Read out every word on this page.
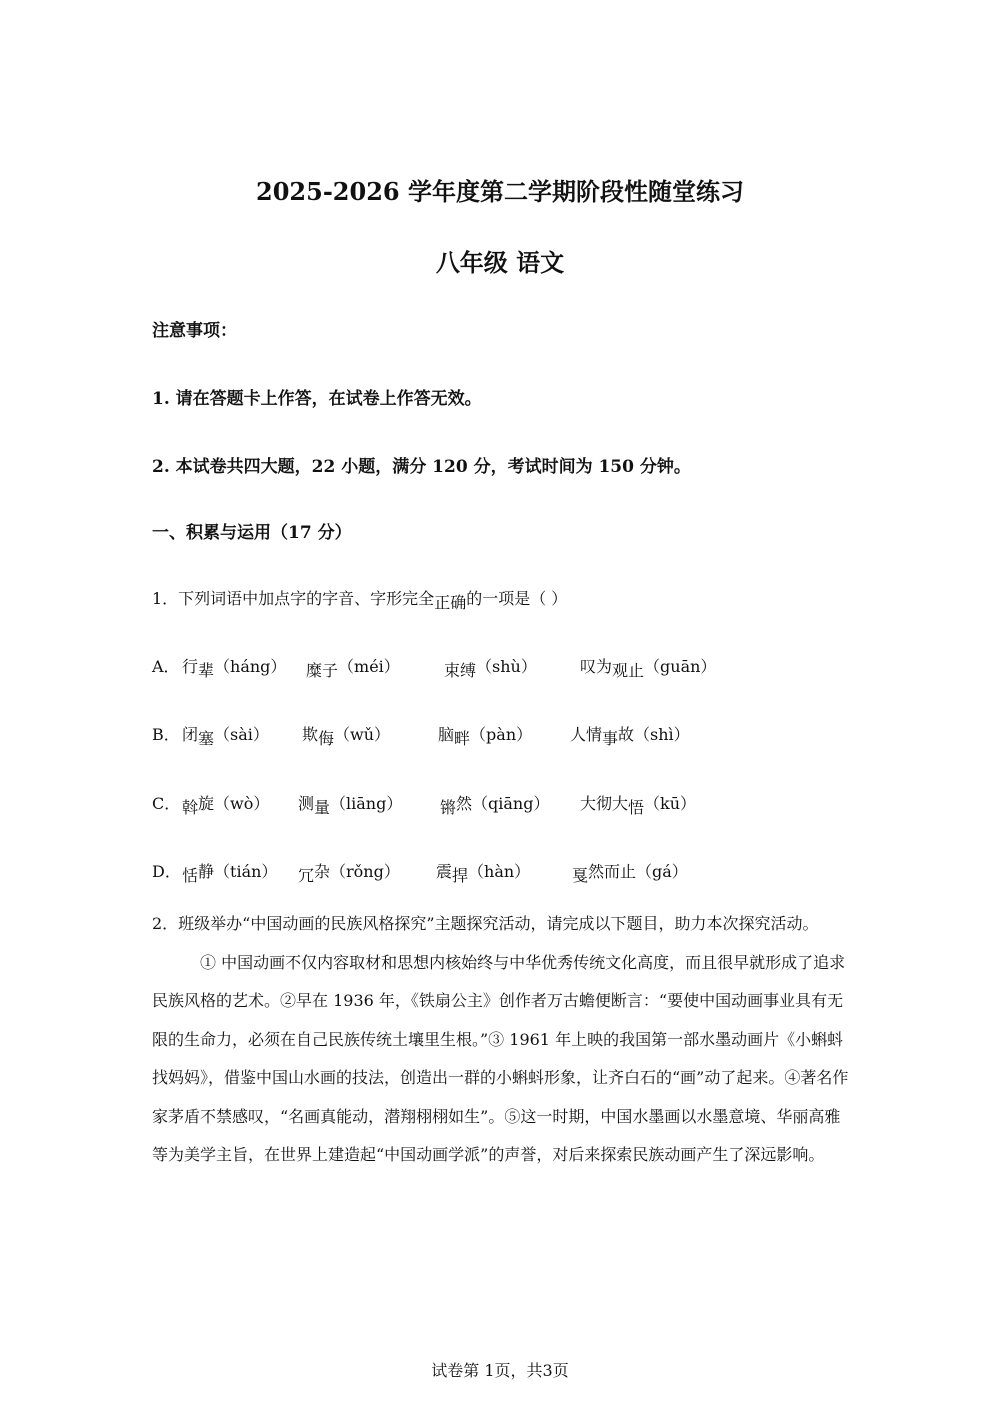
2025-2026 学年度第二学期阶段性随堂练习
八年级 语文
注意事项：
1. 请在答题卡上作答，在试卷上作答无效。
2. 本试卷共四大题，22 小题，满分 120 分，考试时间为 150 分钟。
一、积累与运用（17 分）
1．下列词语中加点字的字音、字形完全正确的一项是（ ）
A． 行辈（háng） 糜子（méi）	束缚（shù）	叹为观止（guān）
B． 闭塞（sài） 欺侮（wǔ）	脑畔（pàn） 人情事故（shì）
C． 斡旋（wò） 测量（liāng） 锵然（qiāng） 大彻大悟（kū）
D． 恬静（tián） 冗杂（rǒng） 震捍（hàn）	戛然而止（gá）

2．班级举办“中国动画的民族风格探究”主题探究活动，请完成以下题目，助力本次探究活动。

① 中国动画不仅内容取材和思想内核始终与中华优秀传统文化高度，而且很早就形成了追求民族风格的艺术。②早在 1936 年，《铁扇公主》创作者万古蟾便断言：“要使中国动画事业具有无限的生命力，必须在自己民族传统土壤里生根。”③ 1961 年上映的我国第一部水墨动画片《小蝌蚪找妈妈》，借鉴中国山水画的技法，创造出一群的小蝌蚪形象，让齐白石的“画”动了起来。④著名作家茅盾不禁感叹，“名画真能动，潜翔栩栩如生”。⑤这一时期，中国水墨画以水墨意境、华丽高雅等为美学主旨，在世界上建造起“中国动画学派”的声誉，对后来探索民族动画产生了深远影响。

试卷第 1页，共3页
